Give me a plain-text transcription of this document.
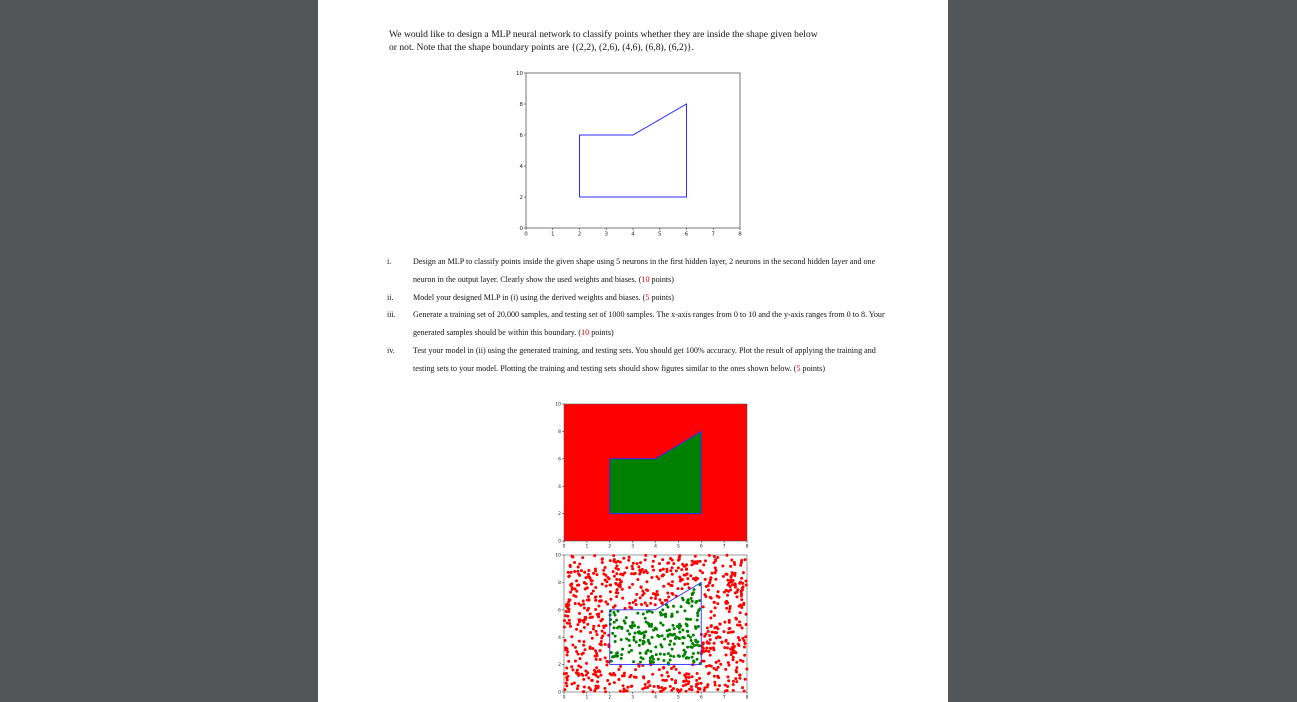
We would like to design a MLP neural network to classify points whether they are inside the shape given below

or not. Note that the shape boundary points are {(2,2), (2,6), (4,6), (6,8), (6,2)}.

0	1	2	3	4	5	6	7	8
0
2
4
6
8
10
i.	Design an MLP to classify points inside the given shape using 5 neurons in the first hidden layer, 2 neurons in the second hidden layer and one neuron in the output layer. Clearly show the used weights and biases. (10 points)
ii.	Model your designed MLP in (i) using the derived weights and biases. (5 points)
iii.	Generate a training set of 20,000 samples, and testing set of 1000 samples. The x-axis ranges from 0 to 10 and the y-axis ranges from 0 to 8. Your generated samples should be within this boundary. (10 points)
iv.	Test your model in (ii) using the generated training, and testing sets. You should get 100% accuracy. Plot the result of applying the training and testing sets to your model. Plotting the training and testing sets should show figures similar to the ones shown below. (5 points)
0	1	2	3	4	5	6	7	8
0
2
4
6
8
10
0	1	2	3	4	5	6	7	8
0
2
4
6
8
10
